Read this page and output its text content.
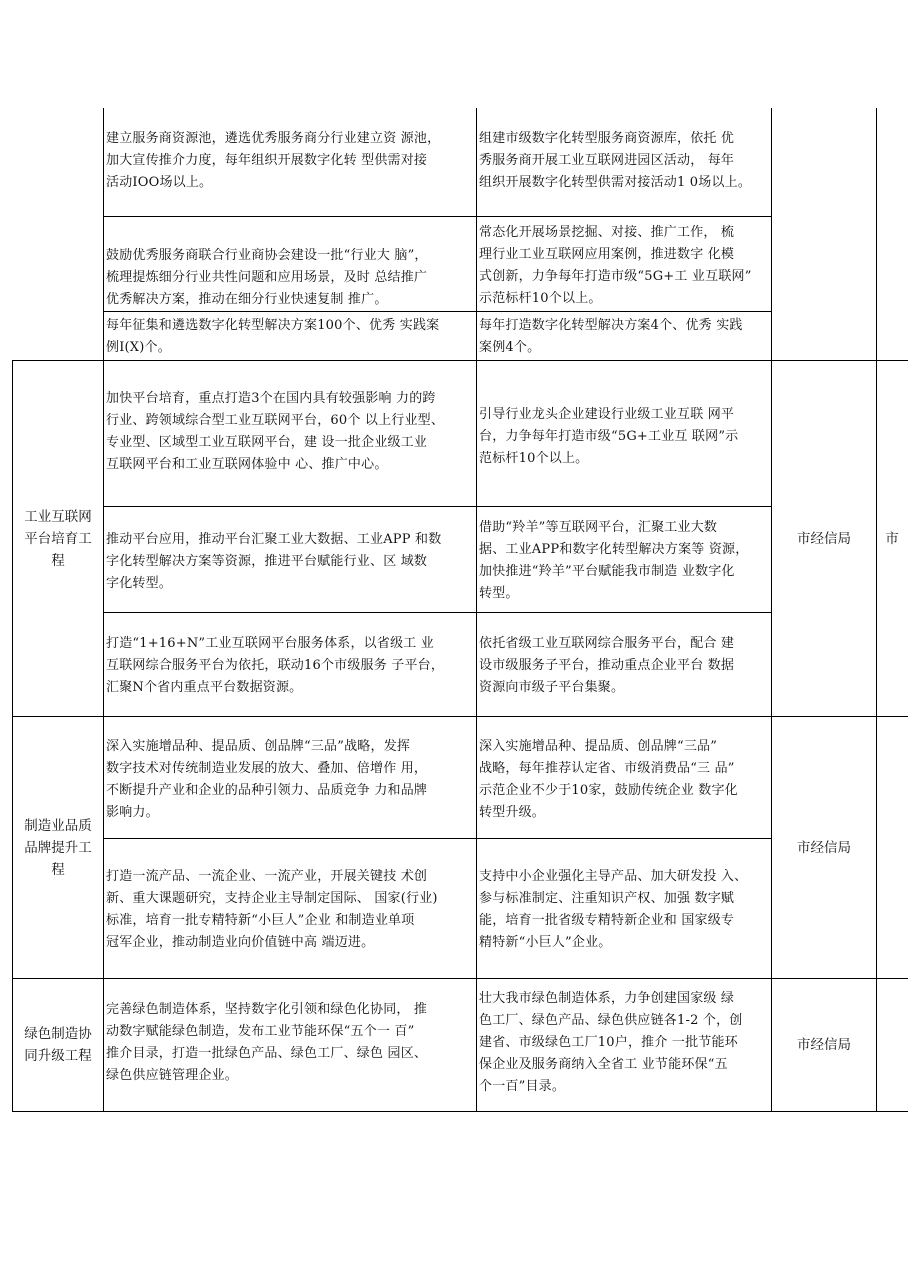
建立服务商资源池，遴选优秀服务商分行业建立资 源池，
加大宣传推介力度，每年组织开展数字化转 型供需对接
活动IOO场以上。
组建市级数字化转型服务商资源库，依托 优
秀服务商开展工业互联网进园区活动， 每年
组织开展数字化转型供需对接活动1 0场以上。
鼓励优秀服务商联合行业商协会建设一批“行业大 脑”，
梳理提炼细分行业共性问题和应用场景，及时 总结推广
优秀解决方案，推动在细分行业快速复制 推广。
常态化开展场景挖掘、对接、推广工作， 梳
理行业工业互联网应用案例，推进数字 化模
式创新，力争每年打造市级“5G+工 业互联网”
示范标杆10个以上。
每年征集和遴选数字化转型解决方案100个、优秀 实践案
例I(X)个。
每年打造数字化转型解决方案4个、优秀 实践
案例4个。
工业互联网
平台培育工
程
市经信局	市
加快平台培育，重点打造3个在国内具有较强影响 力的跨
行业、跨领域综合型工业互联网平台，60个 以上行业型、
专业型、区域型工业互联网平台，建 设一批企业级工业
互联网平台和工业互联网体验中 心、推广中心。
引导行业龙头企业建设行业级工业互联 网平
台，力争每年打造市级“5G+工业互 联网”示
范标杆10个以上。
推动平台应用，推动平台汇聚工业大数据、工业APP 和数
字化转型解决方案等资源，推进平台赋能行业、区 域数
字化转型。
借助“羚羊”等互联网平台，汇聚工业大数
据、工业APP和数字化转型解决方案等 资源，
加快推进“羚羊”平台赋能我市制造 业数字化
转型。
打造“1+16+N”工业互联网平台服务体系，以省级工 业
互联网综合服务平台为依托，联动16个市级服务 子平台，
汇聚N个省内重点平台数据资源。
依托省级工业互联网综合服务平台，配合 建
设市级服务子平台，推动重点企业平台 数据
资源向市级子平台集聚。
制造业品质
品牌提升工
程
市经信局
深入实施增品种、提品质、创品牌“三品”战略，发挥
数字技术对传统制造业发展的放大、叠加、倍增作 用，
不断提升产业和企业的品种引领力、品质竞争 力和品牌
影响力。
深入实施增品种、提品质、创品牌“三品”
战略，每年推荐认定省、市级消费品“三 品”
示范企业不少于10家，鼓励传统企业 数字化
转型升级。
打造一流产品、一流企业、一流产业，开展关键技 术创
新、重大课题研究，支持企业主导制定国际、 国家(行业)
标准，培育一批专精特新“小巨人”企业 和制造业单项
冠军企业，推动制造业向价值链中高 端迈进。
支持中小企业强化主导产品、加大研发投 入、
参与标准制定、注重知识产权、加强 数字赋
能，培育一批省级专精特新企业和 国家级专
精特新“小巨人”企业。
绿色制造协
同升级工程
市经信局
完善绿色制造体系，坚持数字化引领和绿色化协同， 推
动数字赋能绿色制造，发布工业节能环保“五个一 百”
推介目录，打造一批绿色产品、绿色工厂、绿色 园区、
绿色供应链管理企业。
壮大我市绿色制造体系，力争创建国家级 绿
色工厂、绿色产品、绿色供应链各1-2 个，创
建省、市级绿色工厂10户，推介 一批节能环
保企业及服务商纳入全省工 业节能环保“五
个一百”目录。
